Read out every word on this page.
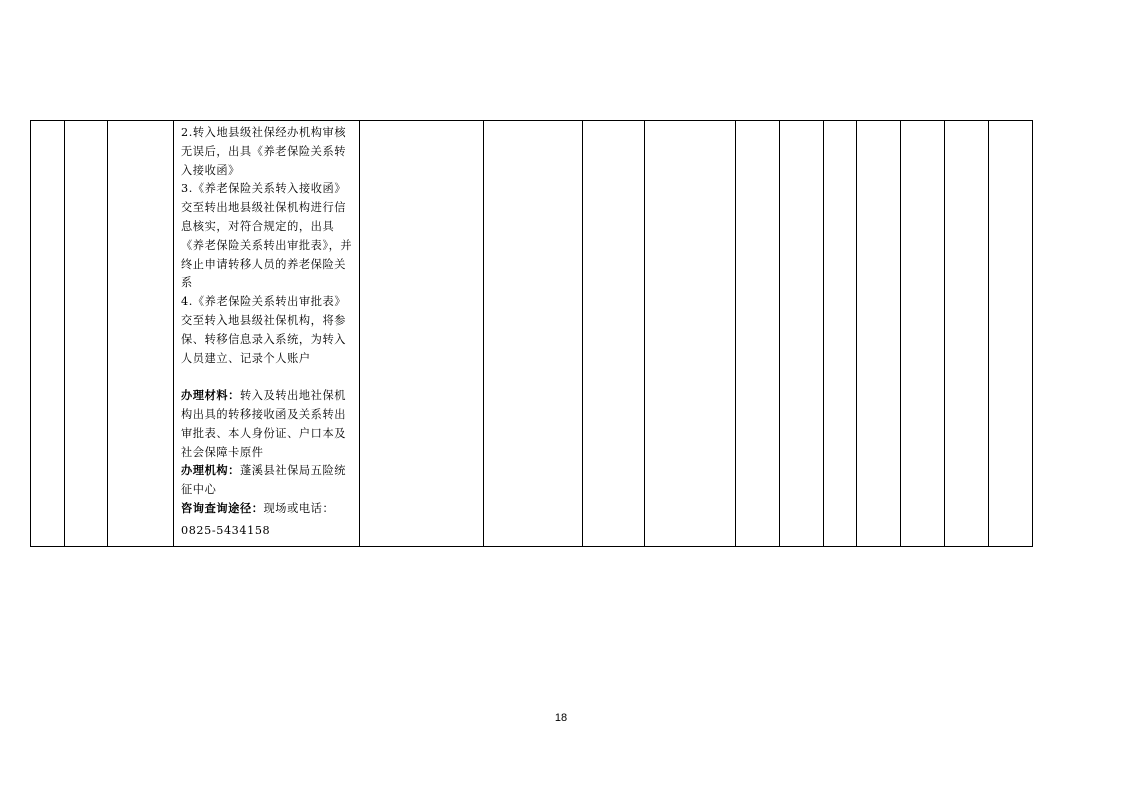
2.转入地县级社保经办机构审核无误后，出具《养老保险关系转入接收函》

3.《养老保险关系转入接收函》交至转出地县级社保机构进行信息核实，对符合规定的，出具《养老保险关系转出审批表》，并终止申请转移人员的养老保险关系

4.《养老保险关系转出审批表》交至转入地县级社保机构，将参保、转移信息录入系统，为转入人员建立、记录个人账户

办理材料：转入及转出地社保机构出具的转移接收函及关系转出审批表、本人身份证、户口本及社会保障卡原件

办理机构：蓬溪县社保局五险统征中心

咨询查询途径：现场或电话：

0825-5434158

18
